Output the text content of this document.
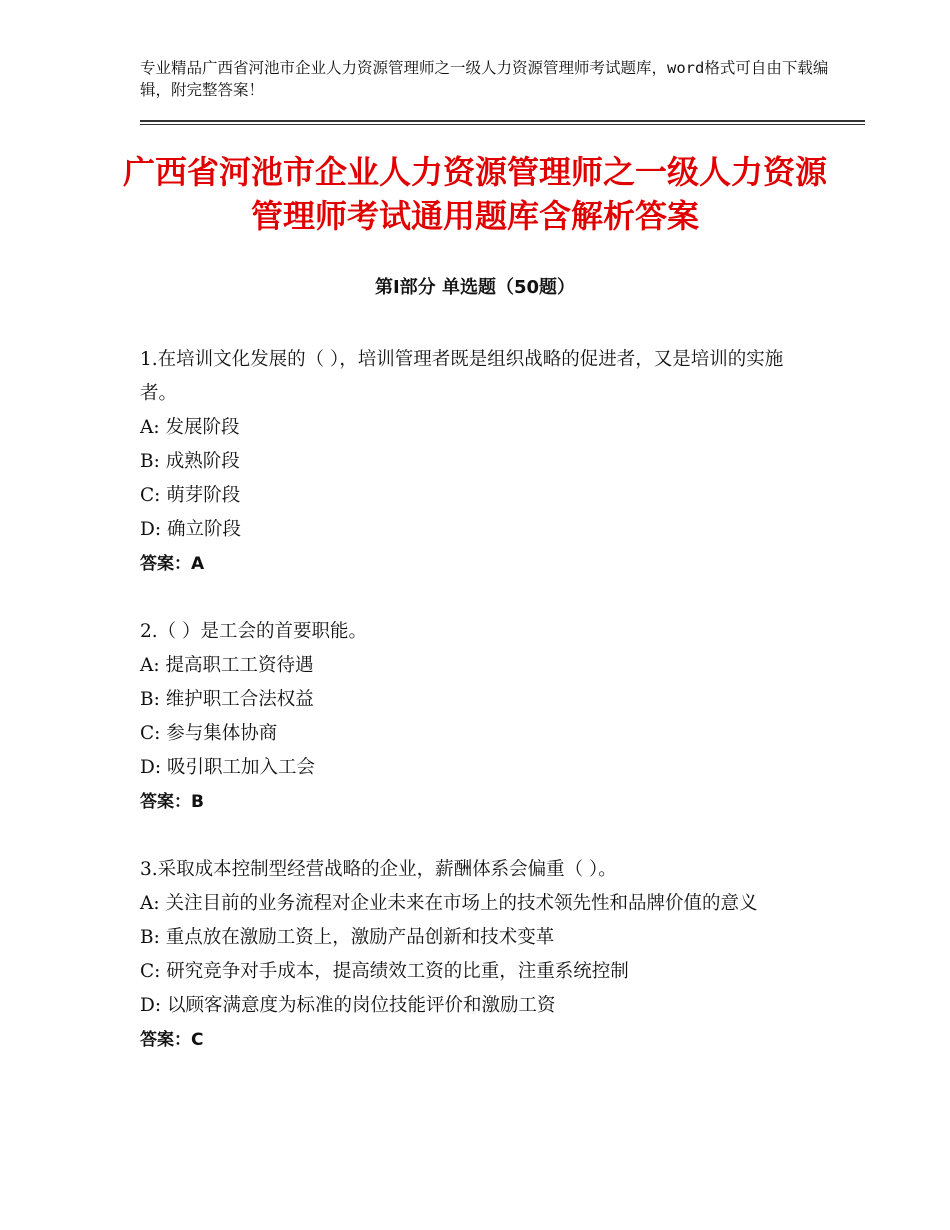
专业精品广西省河池市企业人力资源管理师之一级人力资源管理师考试题库，word格式可自由下载编辑，附完整答案！
广西省河池市企业人力资源管理师之一级人力资源管理师考试通用题库含解析答案
第Ⅰ部分 单选题（50题）
1.在培训文化发展的（ ），培训管理者既是组织战略的促进者，又是培训的实施者。
A: 发展阶段
B: 成熟阶段
C: 萌芽阶段
D: 确立阶段
答案：A
2.（ ）是工会的首要职能。
A: 提高职工工资待遇
B: 维护职工合法权益
C: 参与集体协商
D: 吸引职工加入工会
答案：B
3.采取成本控制型经营战略的企业，薪酬体系会偏重（ ）。
A: 关注目前的业务流程对企业未来在市场上的技术领先性和品牌价值的意义
B: 重点放在激励工资上，激励产品创新和技术变革
C: 研究竞争对手成本，提高绩效工资的比重，注重系统控制
D: 以顾客满意度为标准的岗位技能评价和激励工资
答案：C
